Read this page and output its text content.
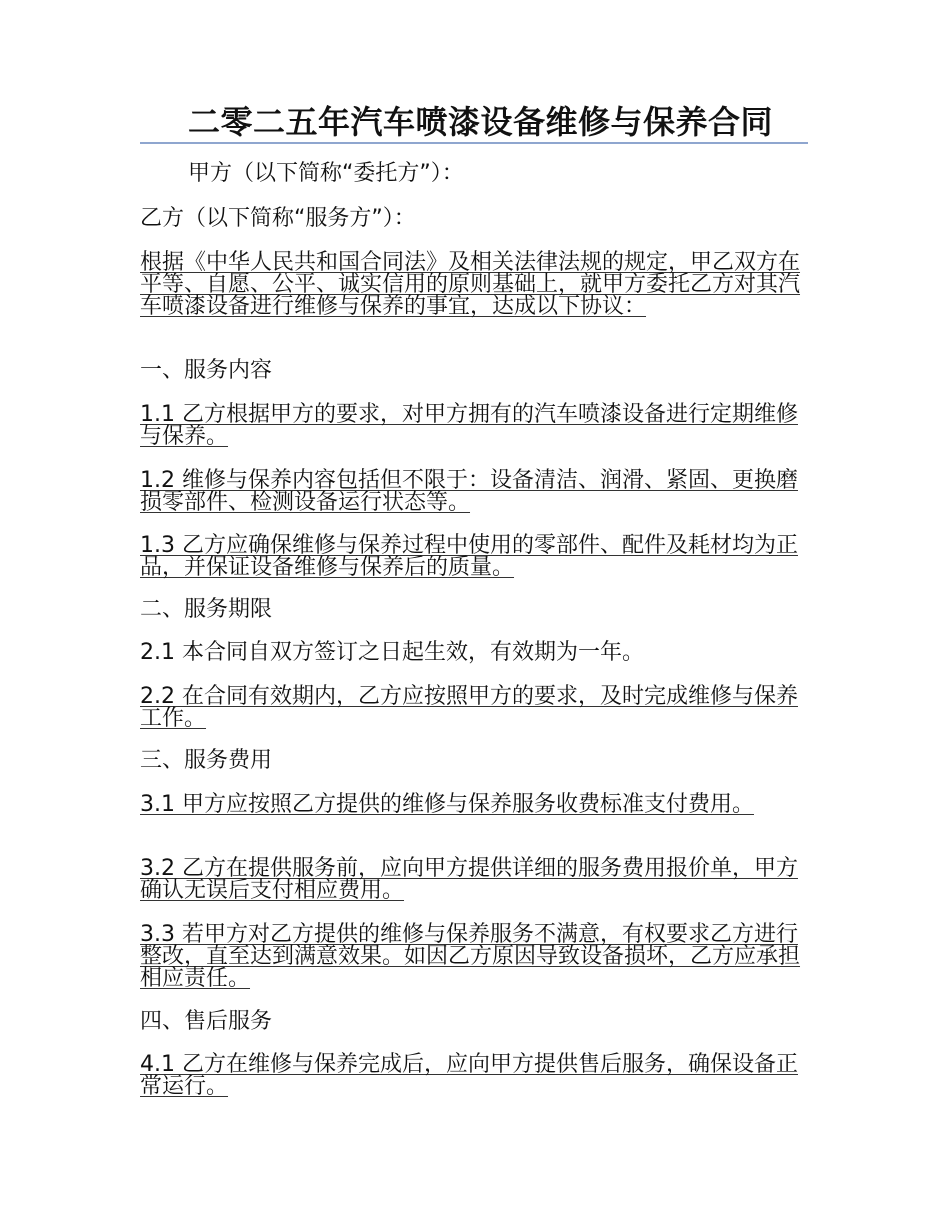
二零二五年汽车喷漆设备维修与保养合同

甲方（以下简称“委托方”）：

乙方（以下简称“服务方”）：

根据《中华人民共和国合同法》及相关法律法规的规定，甲乙双方在平等、自愿、公平、诚实信用的原则基础上，就甲方委托乙方对其汽车喷漆设备进行维修与保养的事宜，达成以下协议：

一、服务内容

1.1 乙方根据甲方的要求，对甲方拥有的汽车喷漆设备进行定期维修与保养。

1.2 维修与保养内容包括但不限于：设备清洁、润滑、紧固、更换磨损零部件、检测设备运行状态等。

1.3 乙方应确保维修与保养过程中使用的零部件、配件及耗材均为正品，并保证设备维修与保养后的质量。

二、服务期限

2.1 本合同自双方签订之日起生效，有效期为一年。

2.2 在合同有效期内，乙方应按照甲方的要求，及时完成维修与保养工作。

三、服务费用

3.1 甲方应按照乙方提供的维修与保养服务收费标准支付费用。

3.2 乙方在提供服务前，应向甲方提供详细的服务费用报价单，甲方确认无误后支付相应费用。

3.3 若甲方对乙方提供的维修与保养服务不满意，有权要求乙方进行整改，直至达到满意效果。如因乙方原因导致设备损坏，乙方应承担相应责任。

四、售后服务

4.1 乙方在维修与保养完成后，应向甲方提供售后服务，确保设备正常运行。
